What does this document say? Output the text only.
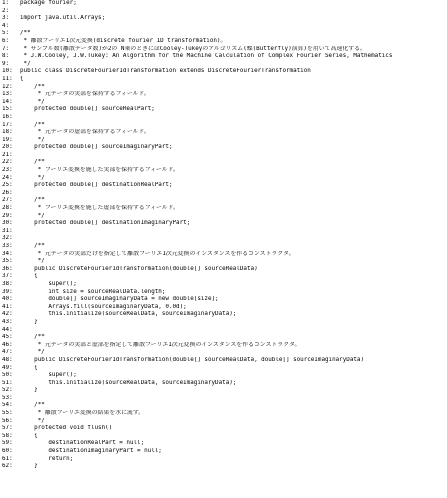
1:	package fourier;
2:
3:	import java.util.Arrays;
4:
5:	/**
6:	* 離散フーリエ1次元変換(discrete fourier 1D transformation)。
7:	* サンプル数(離散データ数)が2の N乗のときにはCooley-Tukeyのアルゴリズム(蝶(Butterfly)演算)を用いて高速化する。
8:	* J.W.Cooley, J.W.Tukey: An Algorithm for the Machine Calculation of Complex Fourier Series, Mathematics
9:	*/
10:	public class DiscreteFourier1dTransformation extends DiscreteFourierTransformation
11:	{
12:	/**
13:	* 元データの実部を保持するフィールド。
14:	*/
15:	protected double[] sourceRealPart;
16:
17:	/**
18:	* 元データの虚部を保持するフィールド。
19:	*/
20:	protected double[] sourceImaginaryPart;
21:
22:	/**
23:	* フーリエ変換を施した実部を保持するフィールド。
24:	*/
25:	protected double[] destinationRealPart;
26:
27:	/**
28:	* フーリエ変換を施した虚部を保持するフィールド。
29:	*/
30:	protected double[] destinationImaginaryPart;
31:
32:
33:	/**
34:	* 元データの実部だけを指定して離散フーリエ1次元変換のインスタンスを作るコンストラクタ。
35:	*/
36:	public DiscreteFourier1dTransformation(double[] sourceRealData)
37:	{
38:	super();
39:	int size = sourceRealData.length;
40:	double[] sourceImaginaryData = new double[size];
41:	Arrays.fill(sourceImaginaryData, 0.0d);
42:	this.initialize(sourceRealData, sourceImaginaryData);
43:	}
44:
45:	/**
46:	* 元データの実部と虚部を指定して離散フーリエ1次元変換のインスタンスを作るコンストラクタ。
47:	*/
48:	public DiscreteFourier1dTransformation(double[] sourceRealData, double[] sourceImaginaryData)
49:	{
50:	super();
51:	this.initialize(sourceRealData, sourceImaginaryData);
52:	}
53:
54:	/**
55:	* 離散フーリエ変換の結果を水に流す。
56:	*/
57:	protected void flush()
58:	{
59:	destinationRealPart = null;
60:	destinationImaginaryPart = null;
61:	return;
62:	}
